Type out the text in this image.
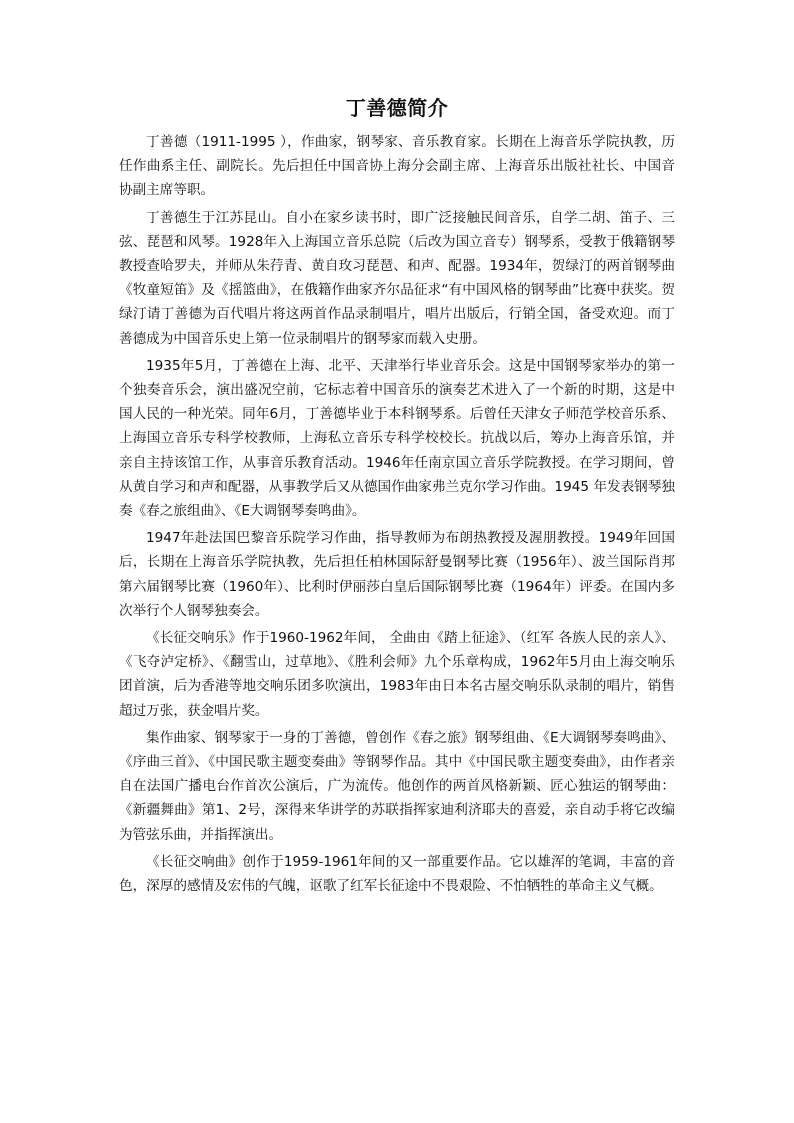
丁善德简介

丁善德（1911-1995 ），作曲家，钢琴家、音乐教育家。长期在上海音乐学院执教，历任作曲系主任、副院长。先后担任中国音协上海分会副主席、上海音乐出版社社长、中国音协副主席等职。

丁善德生于江苏昆山。自小在家乡读书时，即广泛接触民间音乐，自学二胡、笛子、三弦、琵琶和风琴。1928年入上海国立音乐总院（后改为国立音专）钢琴系，受教于俄籍钢琴教授查哈罗夫，并师从朱荇青、黄自玫习琵琶、和声、配器。1934年，贺绿汀的两首钢琴曲《牧童短笛》及《摇篮曲》，在俄籍作曲家齐尔品征求“有中国风格的钢琴曲”比赛中获奖。贺绿汀请丁善德为百代唱片将这两首作品录制唱片，唱片出版后，行销全国，备受欢迎。而丁善德成为中国音乐史上第一位录制唱片的钢琴家而载入史册。

1935年5月，丁善德在上海、北平、天津举行毕业音乐会。这是中国钢琴家举办的第一个独奏音乐会，演出盛况空前，它标志着中国音乐的演奏艺术进入了一个新的时期，这是中国人民的一种光荣。同年6月，丁善德毕业于本科钢琴系。后曾任天津女子师范学校音乐系、上海国立音乐专科学校教师，上海私立音乐专科学校校长。抗战以后，筹办上海音乐馆，并亲自主持该馆工作，从事音乐教育活动。1946年任南京国立音乐学院教授。在学习期间，曾从黄自学习和声和配器，从事教学后又从德国作曲家弗兰克尔学习作曲。1945 年发表钢琴独奏《春之旅组曲》、《E大调钢琴奏鸣曲》。

1947年赴法国巴黎音乐院学习作曲，指导教师为布朗热教授及渥朋教授。1949年回国后，长期在上海音乐学院执教，先后担任柏林国际舒曼钢琴比赛（1956年）、波兰国际肖邦第六届钢琴比赛（1960年）、比利时伊丽莎白皇后国际钢琴比赛（1964年）评委。在国内多次举行个人钢琴独奏会。

《长征交响乐》作于1960-1962年间， 全曲由《踏上征途》、（红军 各族人民的亲人》、《飞夺泸定桥》、《翻雪山，过草地》、《胜利会师》九个乐章构成，1962年5月由上海交响乐团首演，后为香港等地交响乐团多吹演出，1983年由日本名古屋交响乐队录制的唱片，销售超过万张，获金唱片奖。

集作曲家、钢琴家于一身的丁善德，曾创作《春之旅》钢琴组曲、《E大调钢琴奏鸣曲》、《序曲三首》、《中国民歌主题变奏曲》等钢琴作品。其中《中国民歌主题变奏曲》，由作者亲自在法国广播电台作首次公演后，广为流传。他创作的两首风格新颖、匠心独运的钢琴曲：《新疆舞曲》第1、2号，深得来华讲学的苏联指挥家迪利济耶夫的喜爱，亲自动手将它改编为管弦乐曲，并指挥演出。

《长征交响曲》创作于1959-1961年间的又一部重要作品。它以雄浑的笔调，丰富的音色，深厚的感情及宏伟的气魄，讴歌了红军长征途中不畏艰险、不怕牺牲的革命主义气概。
